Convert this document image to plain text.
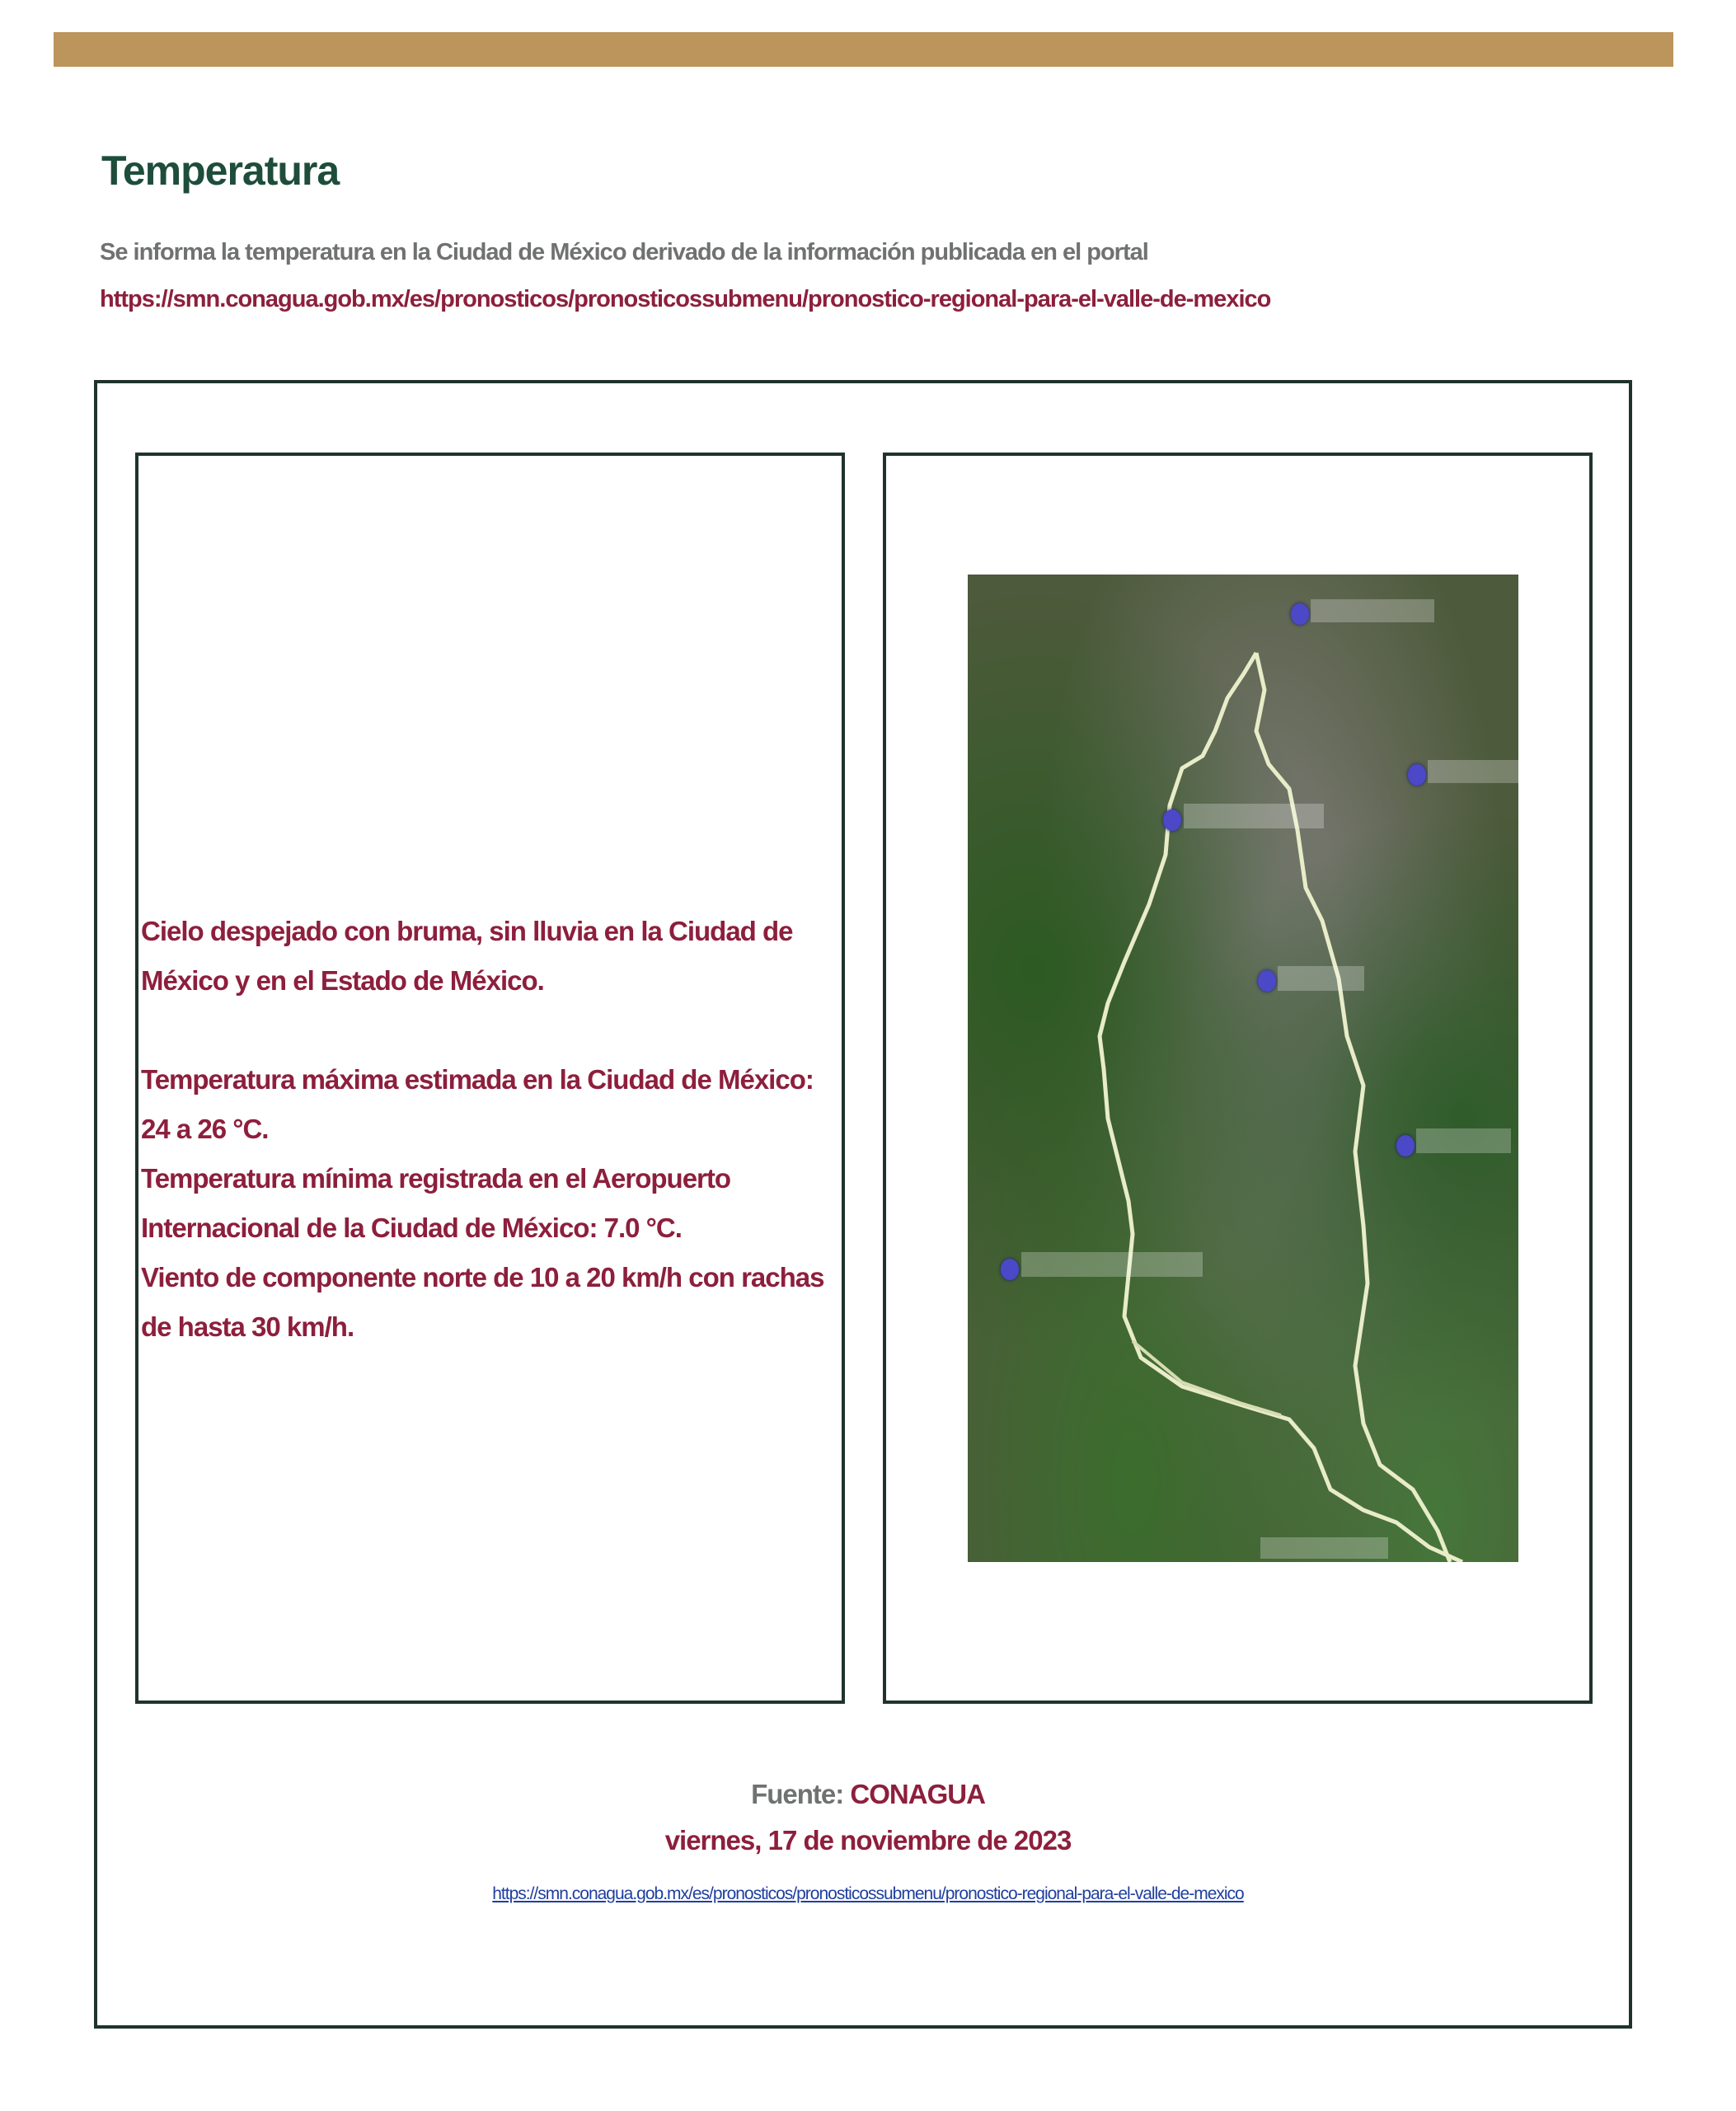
Temperatura
Se informa la temperatura en la Ciudad de México derivado de la información publicada en el portal
https://smn.conagua.gob.mx/es/pronosticos/pronosticossubmenu/pronostico-regional-para-el-valle-de-mexico

Cielo despejado con bruma, sin lluvia en la Ciudad de México y en el Estado de México.

Temperatura máxima estimada en la Ciudad de México: 24 a 26 °C.

Temperatura mínima registrada en el Aeropuerto Internacional de la Ciudad de México: 7.0 °C.

Viento de componente norte de 10 a 20 km/h con rachas de hasta 30 km/h.

Fuente: CONAGUA
viernes, 17 de noviembre de 2023
https://smn.conagua.gob.mx/es/pronosticos/pronosticossubmenu/pronostico-regional-para-el-valle-de-mexico
